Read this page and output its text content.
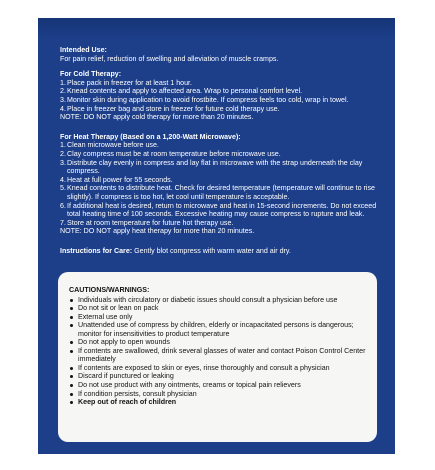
Intended Use:

For pain relief, reduction of swelling and alleviation of muscle cramps.

For Cold Therapy:

1. Place pack in freezer for at least 1 hour.
2. Knead contents and apply to affected area. Wrap to personal comfort level.
3. Monitor skin during application to avoid frostbite. If compress feels too cold, wrap in towel.
4. Place in freezer bag and store in freezer for future cold therapy use.

NOTE: DO NOT apply cold therapy for more than 20 minutes.

For Heat Therapy (Based on a 1,200-Watt Microwave):

1. Clean microwave before use.
2. Clay compress must be at room temperature before microwave use.
3. Distribute clay evenly in compress and lay flat in microwave with the strap underneath the clay compress.
4. Heat at full power for 55 seconds.
5. Knead contents to distribute heat. Check for desired temperature (temperature will continue to rise slightly). If compress is too hot, let cool until temperature is acceptable.
6. If additional heat is desired, return to microwave and heat in 15-second increments. Do not exceed total heating time of 100 seconds. Excessive heating may cause compress to rupture and leak.
7. Store at room temperature for future hot therapy use.

NOTE: DO NOT apply heat therapy for more than 20 minutes.

Instructions for Care: Gently blot compress with warm water and air dry.

CAUTIONS/WARNINGS:

Individuals with circulatory or diabetic issues should consult a physician before use
Do not sit or lean on pack
External use only
Unattended use of compress by children, elderly or incapacitated persons is dangerous; monitor for insensitivities to product temperature
Do not apply to open wounds
If contents are swallowed, drink several glasses of water and contact Poison Control Center immediately
If contents are exposed to skin or eyes, rinse thoroughly and consult a physician
Discard if punctured or leaking
Do not use product with any ointments, creams or topical pain relievers
If condition persists, consult physician
Keep out of reach of children
